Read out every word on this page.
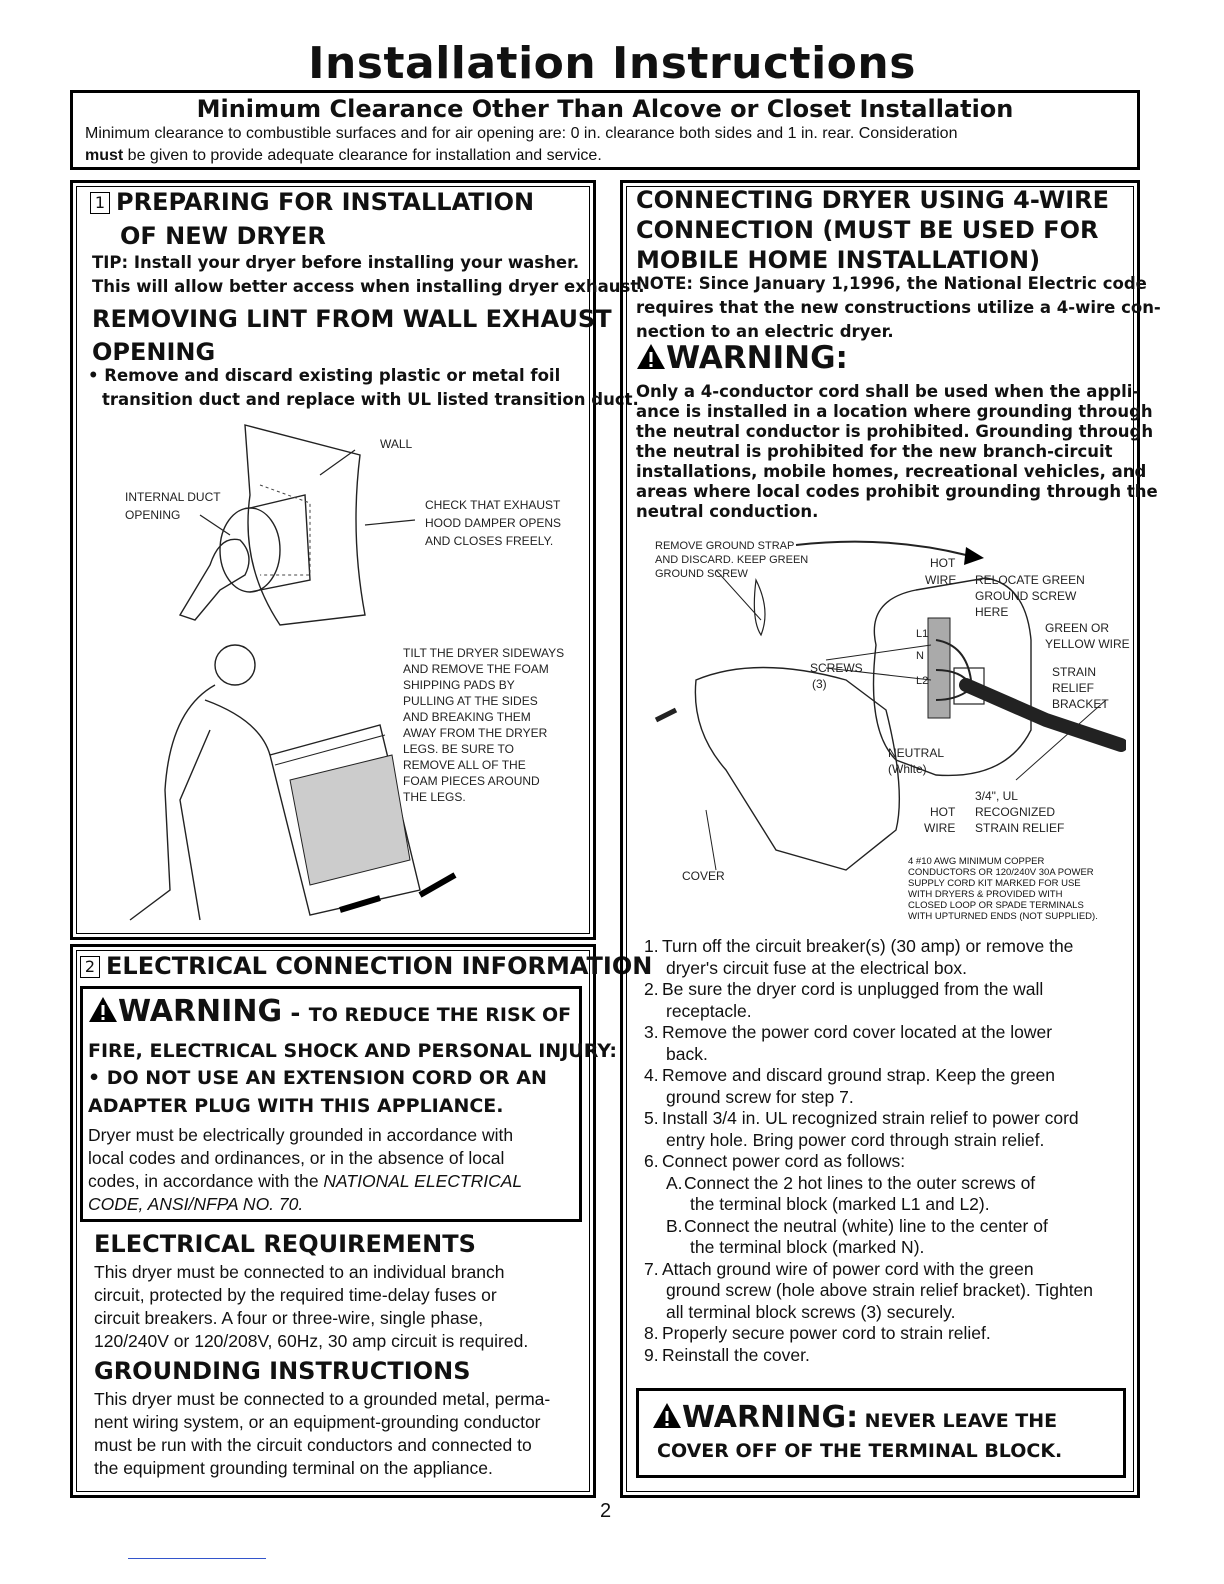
Installation Instructions
Minimum Clearance Other Than Alcove or Closet Installation

Minimum clearance to combustible surfaces and for air opening are: 0 in. clearance both sides and 1 in. rear. Consideration

must be given to provide adequate clearance for installation and service.

1 PREPARING FOR INSTALLATION
OF NEW DRYER
TIP: Install your dryer before installing your washer.
This will allow better access when installing dryer exhaust.
REMOVING LINT FROM WALL EXHAUST
OPENING
• Remove and discard existing plastic or metal foil
transition duct and replace with UL listed transition duct.
WALL
INTERNAL DUCT
OPENING
CHECK THAT EXHAUST
HOOD DAMPER OPENS
AND CLOSES FREELY.
TILT THE DRYER SIDEWAYS
AND REMOVE THE FOAM
SHIPPING PADS BY
PULLING AT THE SIDES
AND BREAKING THEM
AWAY FROM THE DRYER
LEGS. BE SURE TO
REMOVE ALL OF THE
FOAM PIECES AROUND
THE LEGS.
2 ELECTRICAL CONNECTION INFORMATION
WARNING - TO REDUCE THE RISK OF
FIRE, ELECTRICAL SHOCK AND PERSONAL INJURY:
• DO NOT USE AN EXTENSION CORD OR AN
ADAPTER PLUG WITH THIS APPLIANCE.
Dryer must be electrically grounded in accordance with
local codes and ordinances, or in the absence of local
codes, in accordance with the NATIONAL ELECTRICAL
CODE, ANSI/NFPA NO. 70.
ELECTRICAL REQUIREMENTS
This dryer must be connected to an individual branch
circuit, protected by the required time-delay fuses or
circuit breakers. A four or three-wire, single phase,
120/240V or 120/208V, 60Hz, 30 amp circuit is required.
GROUNDING INSTRUCTIONS
This dryer must be connected to a grounded metal, perma-
nent wiring system, or an equipment-grounding conductor
must be run with the circuit conductors and connected to
the equipment grounding terminal on the appliance.
CONNECTING DRYER USING 4-WIRE
CONNECTION (MUST BE USED FOR
MOBILE HOME INSTALLATION)
NOTE: Since January 1,1996, the National Electric code
requires that the new constructions utilize a 4-wire con-
nection to an electric dryer.
WARNING:
Only a 4-conductor cord shall be used when the appli-
ance is installed in a location where grounding through
the neutral conductor is prohibited. Grounding through
the neutral is prohibited for the new branch-circuit
installations, mobile homes, recreational vehicles, and
areas where local codes prohibit grounding through the
neutral conduction.
REMOVE GROUND STRAP
AND DISCARD. KEEP GREEN
GROUND SCREW
HOT
WIRE RELOCATE GREEN
GROUND SCREW
HERE
GREEN OR
YELLOW WIRE
STRAIN
RELIEF
BRACKET
SCREWS
(3)
L1
N
L2
NEUTRAL
(White)
3/4", UL
RECOGNIZED
STRAIN RELIEF
HOT
WIRE
COVER
4 #10 AWG MINIMUM COPPER
CONDUCTORS OR 120/240V 30A POWER
SUPPLY CORD KIT MARKED FOR USE
WITH DRYERS & PROVIDED WITH
CLOSED LOOP OR SPADE TERMINALS
WITH UPTURNED ENDS (NOT SUPPLIED).
1. Turn off the circuit breaker(s) (30 amp) or remove the
dryer's circuit fuse at the electrical box.
2. Be sure the dryer cord is unplugged from the wall
receptacle.
3. Remove the power cord cover located at the lower
back.
4. Remove and discard ground strap. Keep the green
ground screw for step 7.
5. Install 3/4 in. UL recognized strain relief to power cord
entry hole. Bring power cord through strain relief.
6. Connect power cord as follows:
A.Connect the 2 hot lines to the outer screws of
the terminal block (marked L1 and L2).
B.Connect the neutral (white) line to the center of
the terminal block (marked N).
7. Attach ground wire of power cord with the green
ground screw (hole above strain relief bracket). Tighten
all terminal block screws (3) securely.
8. Properly secure power cord to strain relief.
9. Reinstall the cover.
WARNING: NEVER LEAVE THE
COVER OFF OF THE TERMINAL BLOCK.
2
